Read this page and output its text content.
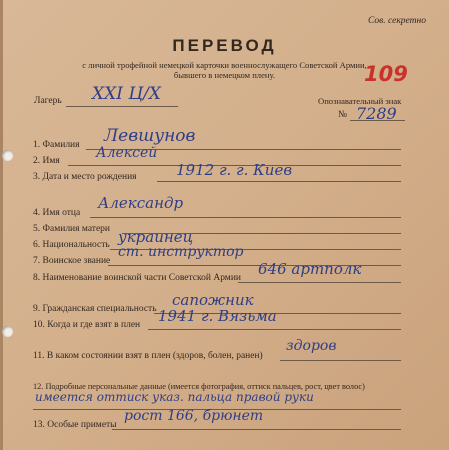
Сов. секретно
ПЕРЕВОД
с личной трофейной немецкой карточки военнослужащего Советской Армии,
бывшего в немецком плену.
Лагерь XXI Ц/Х	Опознавательный знак
№ 7289
109
1. Фамилия Левшунов
2. Имя	Алексей
3. Дата и место рождения	1912 г. г. Киев
4. Имя отца
Александр
5. Фамилия матери
6. Национальность украинец
7. Воинское звание
ст. инструктор
8. Наименование воинской части Советской Армии 646 артполк
9. Гражданская специальность сапожник
10. Когда и где взят в плен 1941 г. Вязьма
11. В каком состоянии взят в плен (здоров, болен, ранен)
здоров
12. Подробные персональные данные (имеется фотография, оттиск пальцев, рост, цвет волос)
имеется оттиск указ. пальца правой руки
13. Особые приметы
рост 166, брюнет
